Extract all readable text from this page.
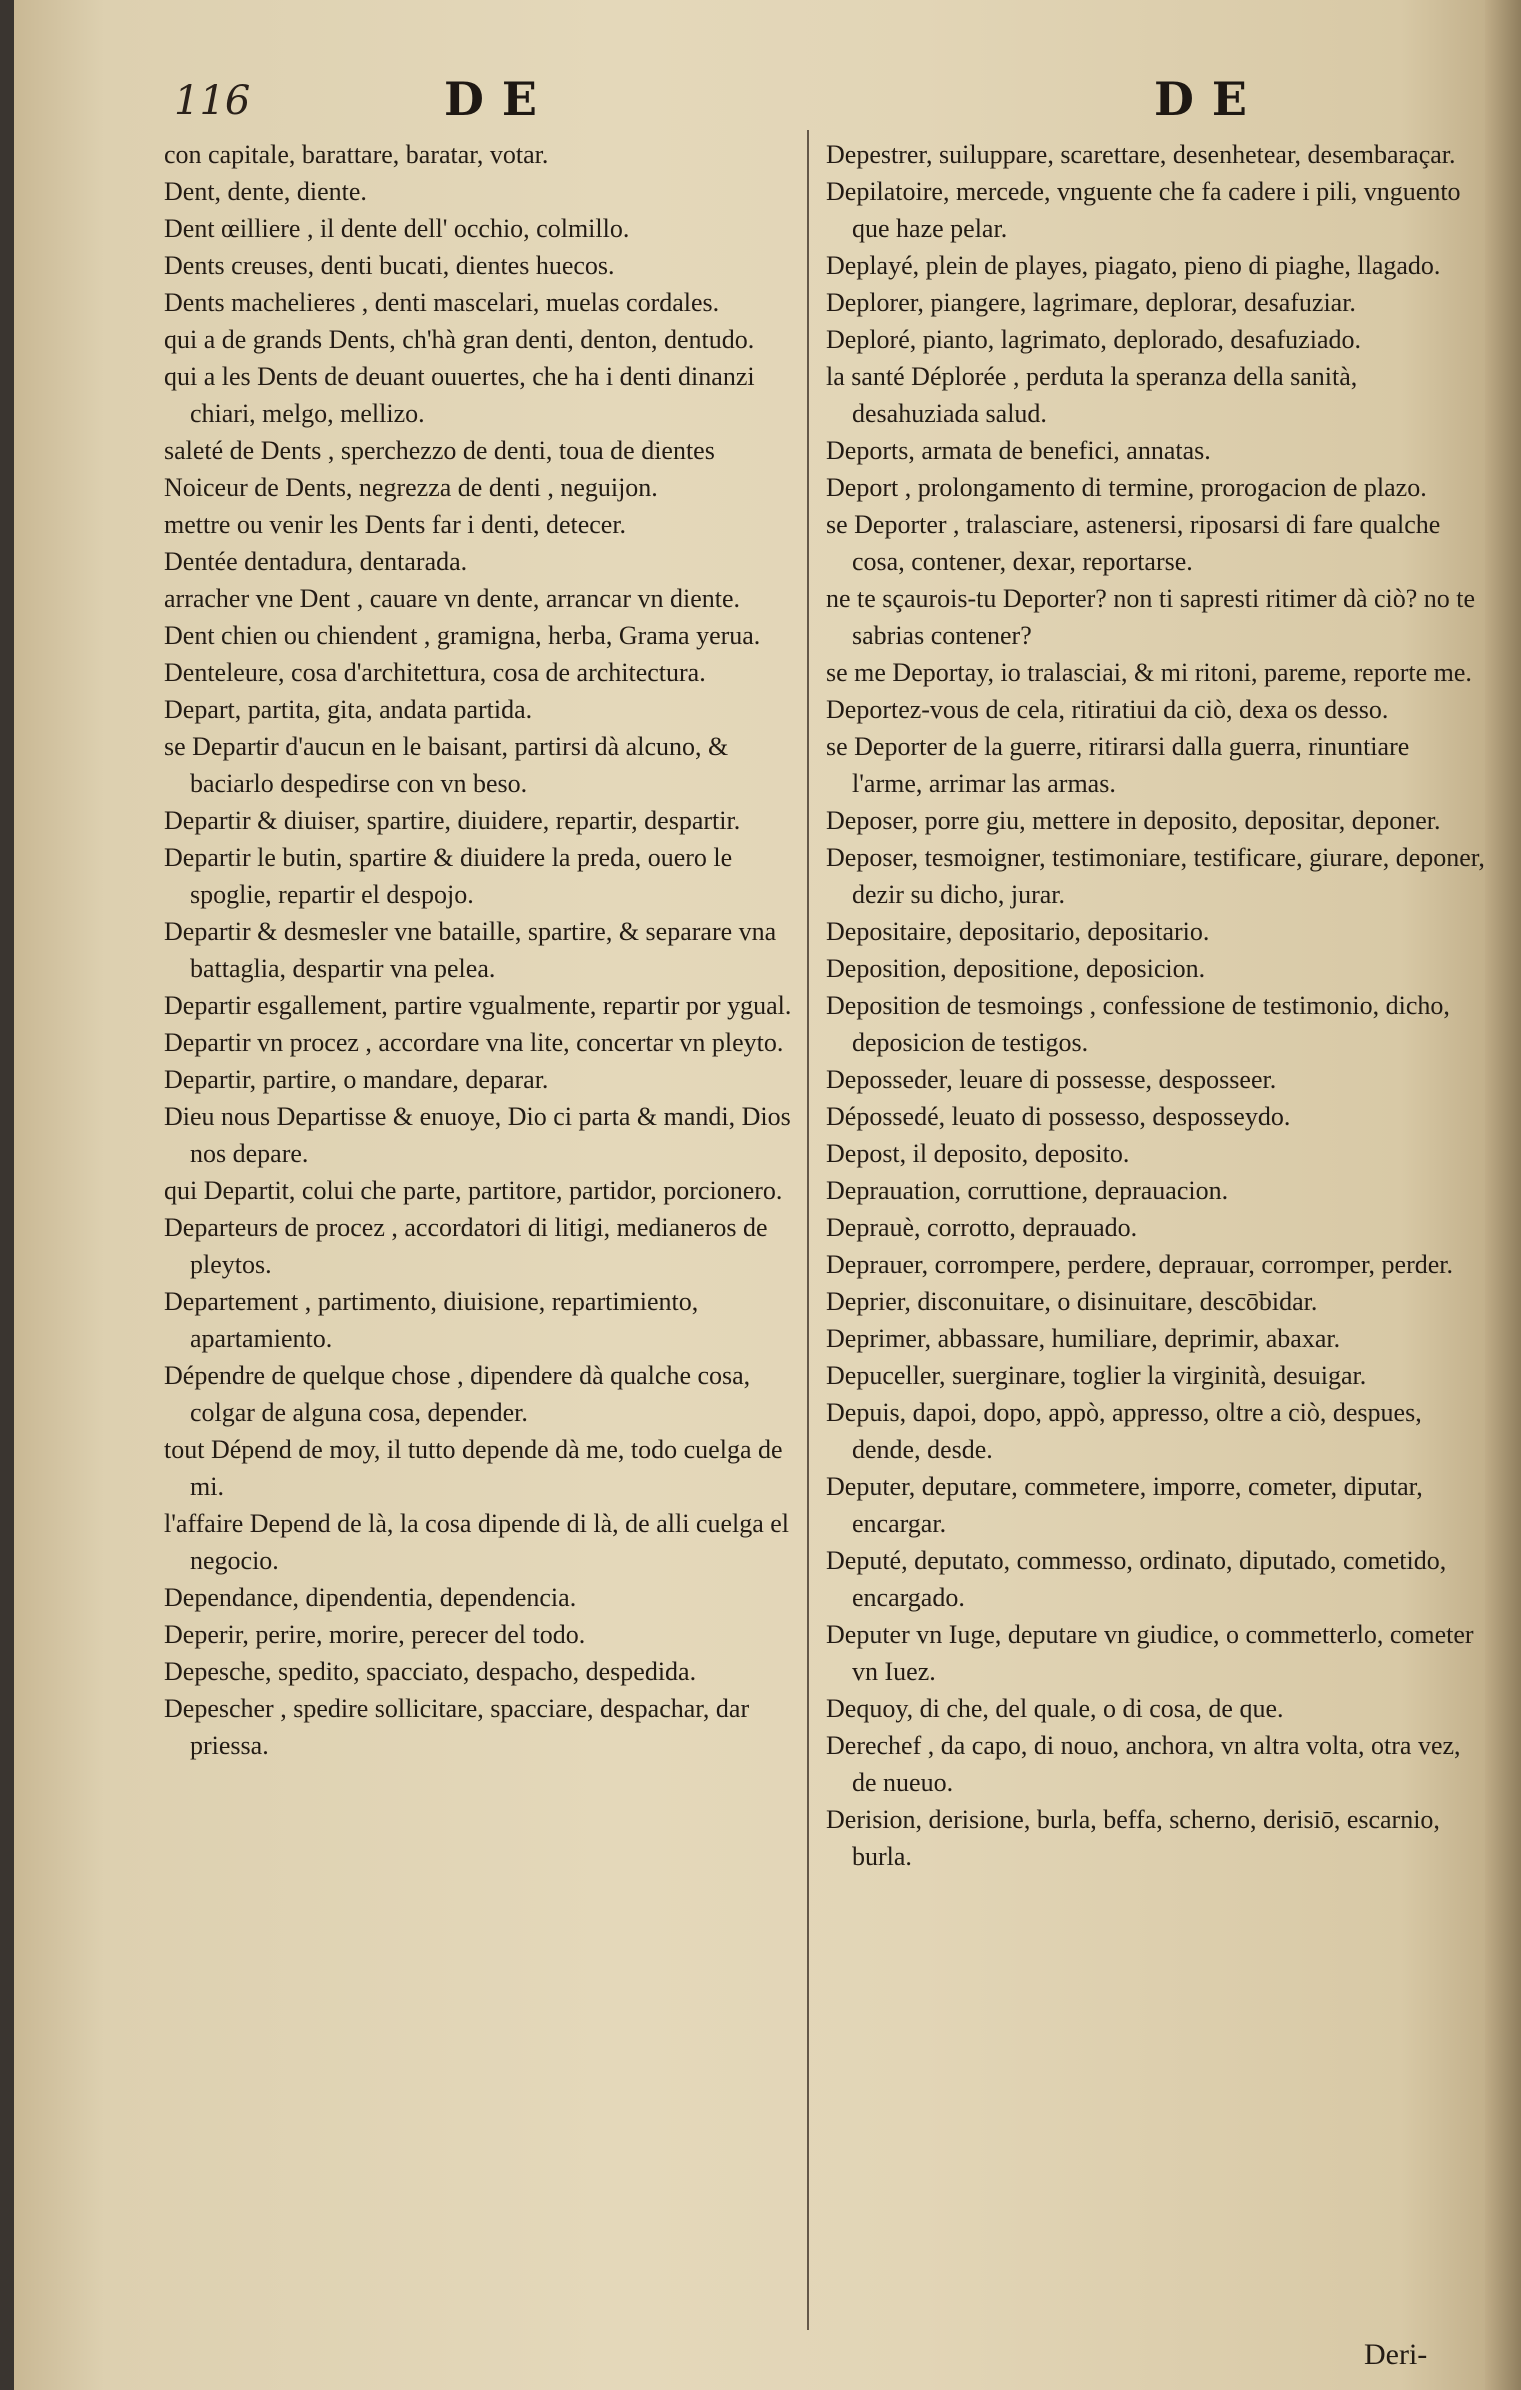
116	DE	DE

con capitale, barattare, baratar, votar.

Dent, dente, diente.

Dent œilliere , il dente dell' occhio, colmillo.

Dents creuses, denti bucati, dientes huecos.

Dents machelieres , denti mascelari, muelas cordales.

qui a de grands Dents, ch'hà gran denti, denton, dentudo.

qui a les Dents de deuant ouuertes, che ha i denti dinanzi chiari, melgo, mellizo.

saleté de Dents , sperchezzo de denti, toua de dientes

Noiceur de Dents, negrezza de denti , neguijon.

mettre ou venir les Dents far i denti, detecer.

Dentée dentadura, dentarada.

arracher vne Dent , cauare vn dente, arrancar vn diente.

Dent chien ou chiendent , gramigna, herba, Grama yerua.

Denteleure, cosa d'architettura, cosa de architectura.

Depart, partita, gita, andata partida.

se Departir d'aucun en le baisant, partirsi dà alcuno, & baciarlo despedirse con vn beso.

Departir & diuiser, spartire, diuidere, repartir, despartir.

Departir le butin, spartire & diuidere la preda, ouero le spoglie, repartir el despojo.

Departir & desmesler vne bataille, spartire, & separare vna battaglia, despartir vna pelea.

Departir esgallement, partire vgualmente, repartir por ygual.

Departir vn procez , accordare vna lite, concertar vn pleyto.

Departir, partire, o mandare, deparar.

Dieu nous Departisse & enuoye, Dio ci parta & mandi, Dios nos depare.

qui Departit, colui che parte, partitore, partidor, porcionero.

Departeurs de procez , accordatori di litigi, medianeros de pleytos.

Departement , partimento, diuisione, repartimiento, apartamiento.

Dépendre de quelque chose , dipendere dà qualche cosa, colgar de alguna cosa, depender.

tout Dépend de moy, il tutto depende dà me, todo cuelga de mi.

l'affaire Depend de là, la cosa dipende di là, de alli cuelga el negocio.

Dependance, dipendentia, dependencia.

Deperir, perire, morire, perecer del todo.

Depesche, spedito, spacciato, despacho, despedida.

Depescher , spedire sollicitare, spacciare, despachar, dar priessa.

Depestrer, suiluppare, scarettare, desenhetear, desembaraçar.

Depilatoire, mercede, vnguente che fa cadere i pili, vnguento que haze pelar.

Deplayé, plein de playes, piagato, pieno di piaghe, llagado.

Deplorer, piangere, lagrimare, deplorar, desafuziar.

Deploré, pianto, lagrimato, deplorado, desafuziado.

la santé Déplorée , perduta la speranza della sanità, desahuziada salud.

Deports, armata de benefici, annatas.

Deport , prolongamento di termine, prorogacion de plazo.

se Deporter , tralasciare, astenersi, riposarsi di fare qualche cosa, contener, dexar, reportarse.

ne te sçaurois-tu Deporter? non ti sapresti ritimer dà ciò? no te sabrias contener?

se me Deportay, io tralasciai, & mi ritoni, pareme, reporte me.

Deportez-vous de cela, ritiratiui da ciò, dexa os desso.

se Deporter de la guerre, ritirarsi dalla guerra, rinuntiare l'arme, arrimar las armas.

Deposer, porre giu, mettere in deposito, depositar, deponer.

Deposer, tesmoigner, testimoniare, testificare, giurare, deponer, dezir su dicho, jurar.

Depositaire, depositario, depositario.

Deposition, depositione, deposicion.

Deposition de tesmoings , confessione de testimonio, dicho, deposicion de testigos.

Deposseder, leuare di possesse, desposseer.

Dépossedé, leuato di possesso, desposseydo.

Depost, il deposito, deposito.

Deprauation, corruttione, deprauacion.

Deprauè, corrotto, deprauado.

Deprauer, corrompere, perdere, deprauar, corromper, perder.

Deprier, disconuitare, o disinuitare, descōbidar.

Deprimer, abbassare, humiliare, deprimir, abaxar.

Depuceller, suerginare, toglier la virginità, desuigar.

Depuis, dapoi, dopo, appò, appresso, oltre a ciò, despues, dende, desde.

Deputer, deputare, commetere, imporre, cometer, diputar, encargar.

Deputé, deputato, commesso, ordinato, diputado, cometido, encargado.

Deputer vn Iuge, deputare vn giudice, o commetterlo, cometer vn Iuez.

Dequoy, di che, del quale, o di cosa, de que.

Derechef , da capo, di nouo, anchora, vn altra volta, otra vez, de nueuo.

Derision, derisione, burla, beffa, scherno, derisiō, escarnio, burla.

Deri-
